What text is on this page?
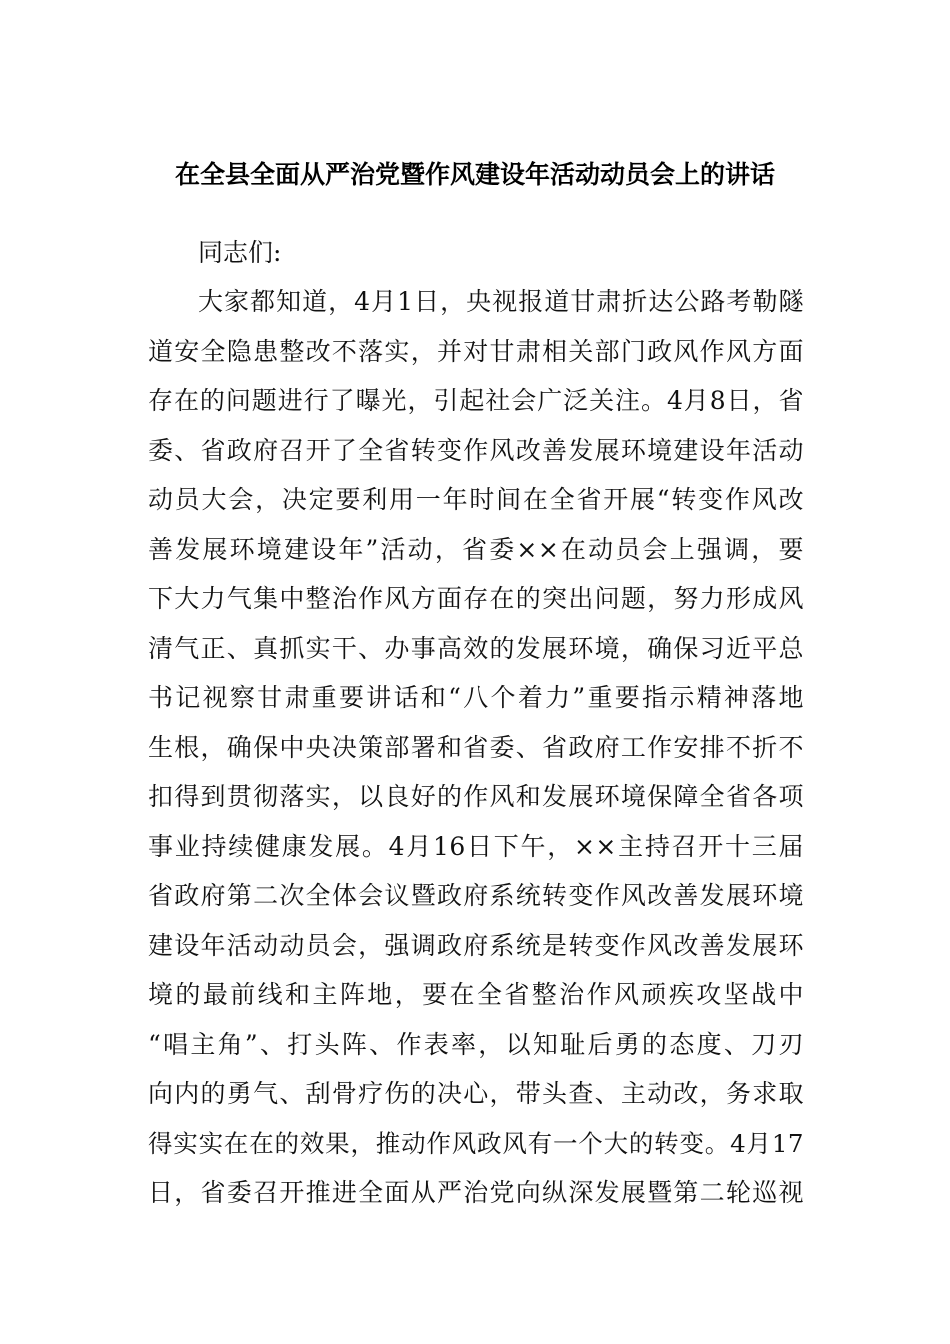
在全县全面从严治党暨作风建设年活动动员会上的讲话
同志们:
大家都知道，4月1日，央视报道甘肃折达公路考勒隧
道安全隐患整改不落实，并对甘肃相关部门政风作风方面
存在的问题进行了曝光，引起社会广泛关注。4月8日，省
委、省政府召开了全省转变作风改善发展环境建设年活动
动员大会，决定要利用一年时间在全省开展“转变作风改
善发展环境建设年”活动，省委××在动员会上强调，要
下大力气集中整治作风方面存在的突出问题，努力形成风
清气正、真抓实干、办事高效的发展环境，确保习近平总
书记视察甘肃重要讲话和“八个着力”重要指示精神落地
生根，确保中央决策部署和省委、省政府工作安排不折不
扣得到贯彻落实，以良好的作风和发展环境保障全省各项
事业持续健康发展。4月16日下午，××主持召开十三届
省政府第二次全体会议暨政府系统转变作风改善发展环境
建设年活动动员会，强调政府系统是转变作风改善发展环
境的最前线和主阵地，要在全省整治作风顽疾攻坚战中
“唱主角”、打头阵、作表率，以知耻后勇的态度、刀刃
向内的勇气、刮骨疗伤的决心，带头查、主动改，务求取
得实实在在的效果，推动作风政风有一个大的转变。4月17
日，省委召开推进全面从严治党向纵深发展暨第二轮巡视
